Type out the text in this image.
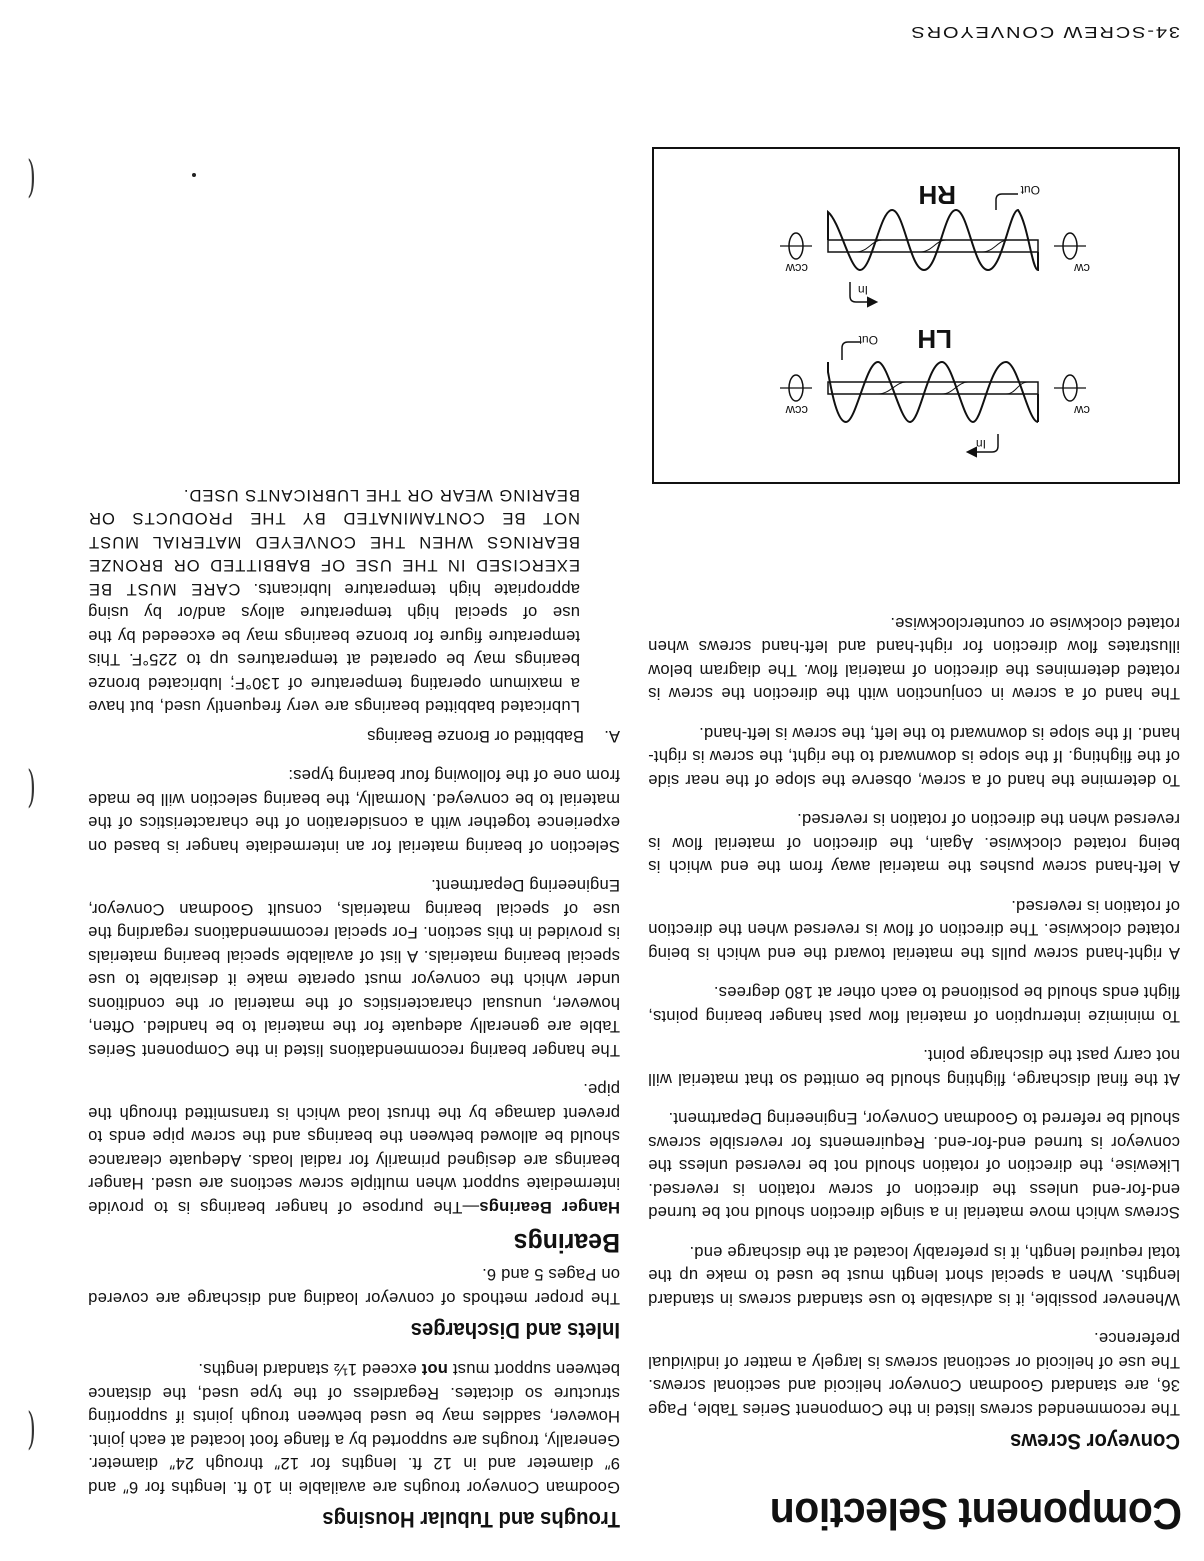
Component Selection
Conveyor Screws

The recommended screws listed in the Component Series Table, Page 36, are standard Goodman Conveyor helicoid and sectional screws. The use of helicoid or sectional screws is largely a matter of individual preference.

Whenever possible, it is advisable to use standard screws in standard lengths. When a special short length must be used to make up the total required length, it is preferably located at the discharge end.

Screws which move material in a single direction should not be turned end-for-end unless the direction of screw rotation is reversed. Likewise, the direction of rotation should not be reversed unless the conveyor is turned end-for-end. Requirements for reversible screws should be referred to Goodman Conveyor, Engineering Department.

At the final discharge, flighting should be omitted so that material will not carry past the discharge point.

To minimize interruption of material flow past hanger bearing points, flight ends should be positioned to each other at 180 degrees.

A right-hand screw pulls the material toward the end which is being rotated clockwise. The direction of flow is reversed when the direction of rotation is reversed.

A left-hand screw pushes the material away from the end which is being rotated clockwise. Again, the direction of material flow is reversed when the direction of rotation is reversed.

To determine the hand of a screw, observe the slope of the near side of the flighting. If the slope is downward to the right, the screw is right-hand. If the slope is downward to the left, the screw is left-hand.

The hand of a screw in conjunction with the direction the screw is rotated determines the direction of material flow. The diagram below illustrates flow direction for right-hand and left-hand screws when rotated clockwise or counterclockwise.

LH
In
Out
cw
ccw
RH
In
Out
cw
ccw
Troughs and Tubular Housings

Goodman Conveyor troughs are available in 10 ft. lengths for 6″ and 9″ diameter and in 12 ft. lengths for 12″ through 24″ diameter. Generally, troughs are supported by a flange foot located at each joint. However, saddles may be used between trough joints if supporting structure so dictates. Regardless of the type used, the distance between support must not exceed 1½ standard lengths.

Inlets and Discharges

The proper methods of conveyor loading and discharge are covered on Pages 5 and 6.

Bearings

Hanger Bearings—The purpose of hanger bearings is to provide intermediate support when multiple screw sections are used. Hanger bearings are designed primarily for radial loads. Adequate clearance should be allowed between the bearings and the screw pipe ends to prevent damage by the thrust load which is transmitted through the pipe.

The hanger bearing recommendations listed in the Component Series Table are generally adequate for the material to be handled. Often, however, unusual characteristics of the material or the conditions under which the conveyor must operate make it desirable to use special bearing materials. A list of available special bearing materials is provided in this section. For special recommendations regarding the use of special bearing materials, consult Goodman Conveyor, Engineering Department.

Selection of bearing material for an intermediate hanger is based on experience together with a consideration of the characteristics of the material to be conveyed. Normally, the bearing selection will be made from one of the following four bearing types:

A.Babbitted or Bronze Bearings

Lubricated babbitted bearings are very frequently used, but have a maximum operating temperature of 130°F; lubricated bronze bearings may be operated at temperatures up to 225°F. This temperature figure for bronze bearings may be exceeded by the use of special high temperature alloys and/or by using appropriate high temperature lubricants. CARE MUST BE EXERCISED IN THE USE OF BABBITTED OR BRONZE BEARINGS WHEN THE CONVEYED MATERIAL MUST NOT BE CONTAMINATED BY THE PRODUCTS OR BEARING WEAR OR THE LUBRICANTS USED.

34-SCREW CONVEYORS
(
(
(
